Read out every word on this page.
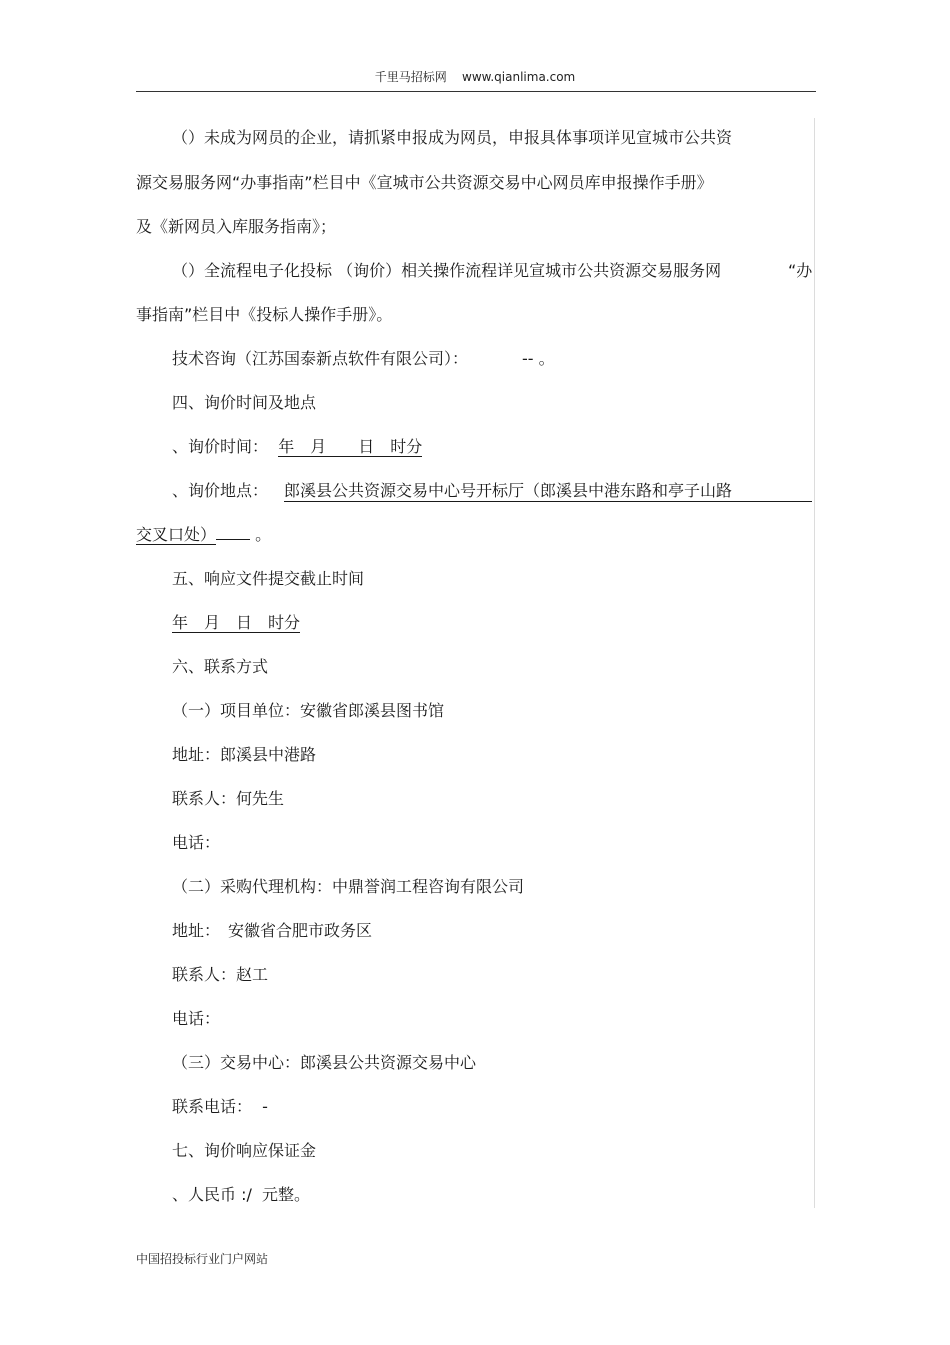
千里马招标网 www.qianlima.com
（）未成为网员的企业，请抓紧申报成为网员，申报具体事项详见宣城市公共资
源交易服务网“办事指南”栏目中《宣城市公共资源交易中心网员库申报操作手册》
及《新网员入库服务指南》；
（）全流程电子化投标 （询价）相关操作流程详见宣城市公共资源交易服务网	“办
事指南”栏目中《投标人操作手册》。
技术咨询（江苏国泰新点软件有限公司）：	-- 。
四、询价时间及地点
、询价时间： 年　月　　日　时分
、询价地点： 郎溪县公共资源交易中心号开标厅（郎溪县中港东路和亭子山路
交叉口处） 。
五、响应文件提交截止时间
年　月　日　时分
六、联系方式
（一）项目单位：安徽省郎溪县图书馆
地址：郎溪县中港路
联系人：何先生
电话：
（二）采购代理机构：中鼎誉润工程咨询有限公司
地址：　安徽省合肥市政务区
联系人：赵工
电话：
（三）交易中心：郎溪县公共资源交易中心
联系电话：  -
七、询价响应保证金
、人民币 :/  元整。
中国招投标行业门户网站
